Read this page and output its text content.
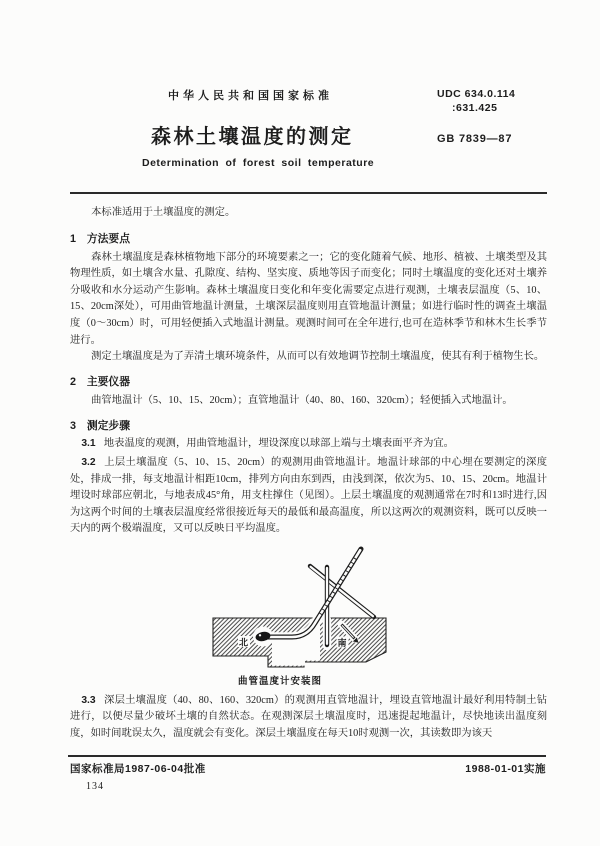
中华人民共和国国家标准	UDC 634.0.114
:631.425
森林土壤温度的测定	GB 7839—87
Determination of forest soil temperature

本标准适用于土壤温度的测定。

1 方法要点

森林土壤温度是森林植物地下部分的环境要素之一；它的变化随着气候、地形、植被、土壤类型及其物理性质，如土壤含水量、孔隙度、结构、坚实度、质地等因子而变化；同时土壤温度的变化还对土壤养分吸收和水分运动产生影响。森林土壤温度日变化和年变化需要定点进行观测，土壤表层温度（5、10、15、20cm深处），可用曲管地温计测量，土壤深层温度则用直管地温计测量；如进行临时性的调查土壤温度（0～30cm）时，可用轻便插入式地温计测量。观测时间可在全年进行,也可在造林季节和林木生长季节进行。

测定土壤温度是为了弄清土壤环境条件，从而可以有效地调节控制土壤温度，使其有利于植物生长。

2 主要仪器

曲管地温计（5、10、15、20cm）；直管地温计（40、80、160、320cm）；轻便插入式地温计。

3 测定步骤

3.1 地表温度的观测，用曲管地温计，埋设深度以球部上端与土壤表面平齐为宜。

3.2 上层土壤温度（5、10、15、20cm）的观测用曲管地温计。地温计球部的中心埋在要测定的深度处，排成一排，每支地温计相距10cm，排列方向由东到西，由浅到深，依次为5、10、15、20cm。地温计埋设时球部应朝北，与地表成45°角，用支柱撑住（见图）。上层土壤温度的观测通常在7时和13时进行,因为这两个时间的土壤表层温度经常很接近每天的最低和最高温度，所以这两次的观测资料，既可以反映一天内的两个极端温度，又可以反映日平均温度。

北	南

曲管温度计安装图

3.3 深层土壤温度（40、80、160、320cm）的观测用直管地温计，埋设直管地温计最好利用特制土钻进行，以便尽量少破坏土壤的自然状态。在观测深层土壤温度时，迅速提起地温计，尽快地读出温度刻度，如时间耽误太久，温度就会有变化。深层土壤温度在每天10时观测一次，其读数即为该天

国家标准局1987-06-04批准	1988-01-01实施
134
